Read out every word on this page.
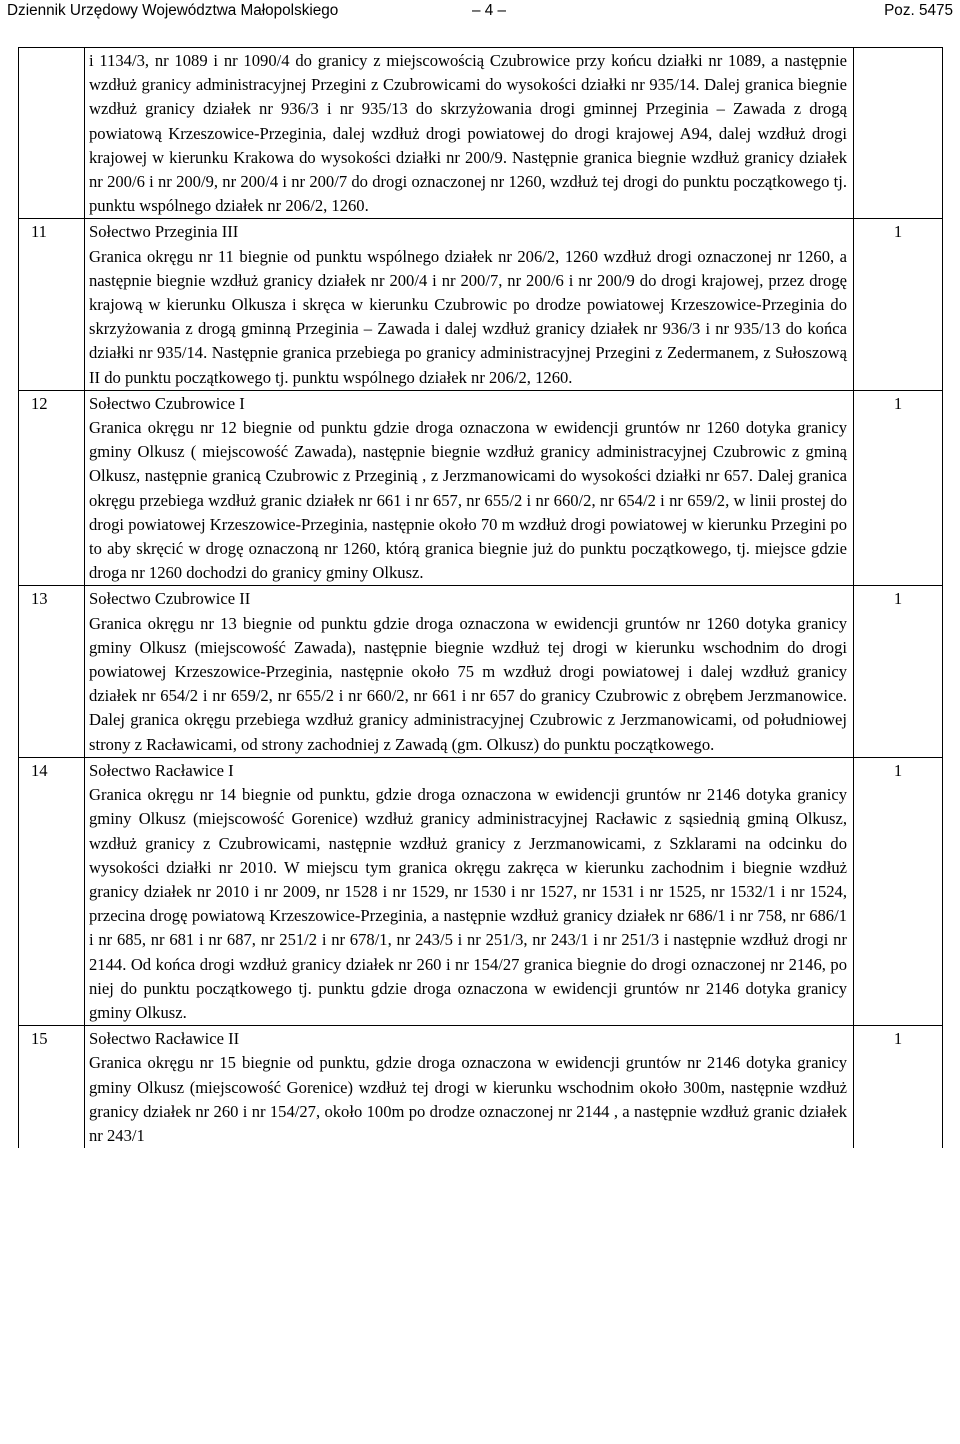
Dziennik Urzędowy Województwa Małopolskiego	– 4 –	Poz. 5475

	i 1134/3, nr 1089 i nr 1090/4 do granicy z miejscowością Czubrowice przy końcu działki nr 1089, a następnie wzdłuż granicy administracyjnej Przegini z Czubrowicami do wysokości działki nr 935/14. Dalej granica biegnie wzdłuż granicy działek nr 936/3 i nr 935/13 do skrzyżowania drogi gminnej Przeginia – Zawada z drogą powiatową Krzeszowice-Przeginia, dalej wzdłuż drogi powiatowej do drogi krajowej A94, dalej wzdłuż drogi krajowej w kierunku Krakowa do wysokości działki nr 200/9. Następnie granica biegnie wzdłuż granicy działek nr 200/6 i nr 200/9, nr 200/4 i nr 200/7 do drogi oznaczonej nr 1260, wzdłuż tej drogi do punktu początkowego tj. punktu wspólnego działek nr 206/2, 1260.	

11	Sołectwo Przeginia III
Granica okręgu nr 11 biegnie od punktu wspólnego działek nr 206/2, 1260 wzdłuż drogi oznaczonej nr 1260, a następnie biegnie wzdłuż granicy działek nr 200/4 i nr 200/7, nr 200/6 i nr 200/9 do drogi krajowej, przez drogę krajową w kierunku Olkusza i skręca w kierunku Czubrowic po drodze powiatowej Krzeszowice-Przeginia do skrzyżowania z drogą gminną Przeginia – Zawada i dalej wzdłuż granicy działek nr 936/3 i nr 935/13 do końca działki nr 935/14. Następnie granica przebiega po granicy administracyjnej Przegini z Zedermanem, z Sułoszową II do punktu początkowego tj. punktu wspólnego działek nr 206/2, 1260.	1

12	Sołectwo Czubrowice I
Granica okręgu nr 12 biegnie od punktu gdzie droga oznaczona w ewidencji gruntów nr 1260 dotyka granicy gminy Olkusz ( miejscowość Zawada), następnie biegnie wzdłuż granicy administracyjnej Czubrowic z gminą Olkusz, następnie granicą Czubrowic z Przeginią , z Jerzmanowicami do wysokości działki nr 657. Dalej granica okręgu przebiega wzdłuż granic działek nr 661 i nr 657, nr 655/2 i nr 660/2, nr 654/2 i nr 659/2, w linii prostej do drogi powiatowej Krzeszowice-Przeginia, następnie około 70 m wzdłuż drogi powiatowej w kierunku Przegini po to aby skręcić w drogę oznaczoną nr 1260, którą granica biegnie już do punktu początkowego, tj. miejsce gdzie droga nr 1260 dochodzi do granicy gminy Olkusz.	1

13	Sołectwo Czubrowice II
Granica okręgu nr 13 biegnie od punktu gdzie droga oznaczona w ewidencji gruntów nr 1260 dotyka granicy gminy Olkusz (miejscowość Zawada), następnie biegnie wzdłuż tej drogi w kierunku wschodnim do drogi powiatowej Krzeszowice-Przeginia, następnie około 75 m wzdłuż drogi powiatowej i dalej wzdłuż granicy działek nr 654/2 i nr 659/2, nr 655/2 i nr 660/2, nr 661 i nr 657 do granicy Czubrowic z obrębem Jerzmanowice. Dalej granica okręgu przebiega wzdłuż granicy administracyjnej Czubrowic z Jerzmanowicami, od południowej strony z Racławicami, od strony zachodniej z Zawadą (gm. Olkusz) do punktu początkowego.	1

14	Sołectwo Racławice I
Granica okręgu nr 14 biegnie od punktu, gdzie droga oznaczona w ewidencji gruntów nr 2146 dotyka granicy gminy Olkusz (miejscowość Gorenice) wzdłuż granicy administracyjnej Racławic z sąsiednią gminą Olkusz, wzdłuż granicy z Czubrowicami, następnie wzdłuż granicy z Jerzmanowicami, z Szklarami na odcinku do wysokości działki nr 2010. W miejscu tym granica okręgu zakręca w kierunku zachodnim i biegnie wzdłuż granicy działek nr 2010 i nr 2009, nr 1528 i nr 1529, nr 1530 i nr 1527, nr 1531 i nr 1525, nr 1532/1 i nr 1524, przecina drogę powiatową Krzeszowice-Przeginia, a następnie wzdłuż granicy działek nr 686/1 i nr 758, nr 686/1 i nr 685, nr 681 i nr 687, nr 251/2 i nr 678/1, nr 243/5 i nr 251/3, nr 243/1 i nr 251/3 i następnie wzdłuż drogi nr 2144. Od końca drogi wzdłuż granicy działek nr 260 i nr 154/27 granica biegnie do drogi oznaczonej nr 2146, po niej do punktu początkowego tj. punktu gdzie droga oznaczona w ewidencji gruntów nr 2146 dotyka granicy gminy Olkusz.	1

15	Sołectwo Racławice II
Granica okręgu nr 15 biegnie od punktu, gdzie droga oznaczona w ewidencji gruntów nr 2146 dotyka granicy gminy Olkusz (miejscowość Gorenice) wzdłuż tej drogi w kierunku wschodnim około 300m, następnie wzdłuż granicy działek nr 260 i nr 154/27, około 100m po drodze oznaczonej nr 2144 , a następnie wzdłuż granic działek nr 243/1	1
